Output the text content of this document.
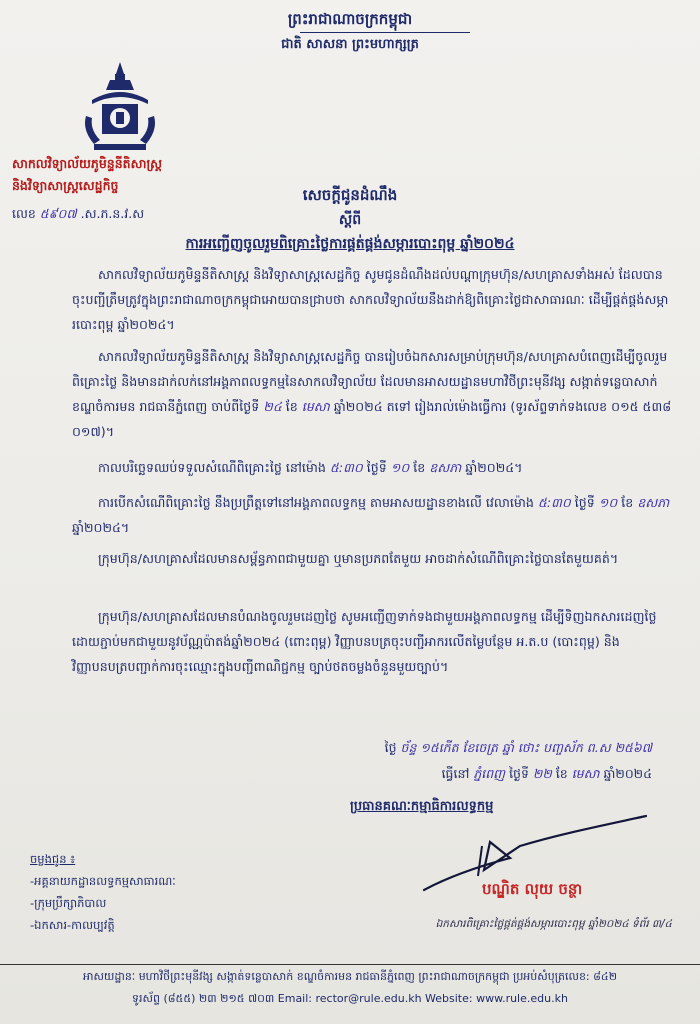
ព្រះរាជាណាចក្រកម្ពុជា
ជាតិ សាសនា ព្រះមហាក្សត្រ
សាកលវិទ្យាល័យភូមិន្ទនីតិសាស្ត្រ
និងវិទ្យាសាស្ត្រសេដ្ឋកិច្ច
លេខ ៥៩០៧ .ស.ភ.ន.វ.ស
សេចក្តីជូនដំណឹង
ស្តីពី
ការអញ្ជើញចូលរួមពិគ្រោះថ្លៃការផ្គត់ផ្គង់សម្ភារបោះពុម្ព ឆ្នាំ២០២៤
សាកលវិទ្យាល័យភូមិន្ទនីតិសាស្ត្រ និងវិទ្យាសាស្ត្រសេដ្ឋកិច្ច សូមជូនដំណឹងដល់បណ្តាក្រុមហ៊ុន/សហគ្រាសទាំងអស់ ដែលបានចុះបញ្ជីត្រឹមត្រូវក្នុងព្រះរាជាណាចក្រកម្ពុជាអោយបានជ្រាបថា សាកលវិទ្យាល័យនឹងដាក់ឱ្យពិគ្រោះថ្លៃជាសាធារណៈ ដើម្បីផ្គត់ផ្គង់សម្ភារបោះពុម្ព ឆ្នាំ២០២៤។
សាកលវិទ្យាល័យភូមិន្ទនីតិសាស្ត្រ និងវិទ្យាសាស្ត្រសេដ្ឋកិច្ច បានរៀបចំឯកសារសម្រាប់ក្រុមហ៊ុន/សហគ្រាសបំពេញដើម្បីចូលរួមពិគ្រោះថ្លៃ និងមានដាក់លក់នៅអង្គភាពលទ្ធកម្មនៃសាកលវិទ្យាល័យ ដែលមានអាសយដ្ឋានមហាវិថីព្រះមុនីវង្ស សង្កាត់ទន្លេបាសាក់ ខណ្ឌចំការមន រាជធានីភ្នំពេញ ចាប់ពីថ្ងៃទី ២៤ ខែ មេសា ឆ្នាំ២០២៤ តទៅ រៀងរាល់ម៉ោងធ្វើការ (ទូរស័ព្ទទាក់ទងលេខ ០១៥ ៥៣៨ ០១៧)។
កាលបរិច្ឆេទឈប់ទទួលសំណើពិគ្រោះថ្លៃ នៅម៉ោង ៥:៣០ ថ្ងៃទី ១០ ខែ ឧសភា ឆ្នាំ២០២៤។
ការបើកសំណើពិគ្រោះថ្លៃ នឹងប្រព្រឹត្តទៅនៅអង្គភាពលទ្ធកម្ម តាមអាសយដ្ឋានខាងលើ វេលាម៉ោង ៥:៣០ ថ្ងៃទី ១០ ខែ ឧសភា ឆ្នាំ២០២៤។
ក្រុមហ៊ុន/សហគ្រាសដែលមានសម្ព័ន្ធភាពជាមួយគ្នា ឬមានប្រភពតែមួយ អាចដាក់សំណើពិគ្រោះថ្លៃបានតែមួយគត់។
ក្រុមហ៊ុន/សហគ្រាសដែលមានបំណងចូលរួមដេញថ្លៃ សូមអញ្ជើញទាក់ទងជាមួយអង្គភាពលទ្ធកម្ម ដើម្បីទិញឯកសារដេញថ្លៃ ដោយភ្ជាប់មកជាមួយនូវប័ណ្ណប៉ាតង់ឆ្នាំ២០២៤ (ពោះពុម្ព) វិញ្ញាបនបត្រចុះបញ្ជីអាករលើតម្លៃបន្ថែម អ.ត.ប (បោះពុម្ព) និងវិញ្ញាបនបត្របញ្ជាក់ការចុះឈ្មោះក្នុងបញ្ជីពាណិជ្ជកម្ម ច្បាប់ថតចម្លងចំនួនមួយច្បាប់។
ថ្ងៃ ច័ន្ទ ១៥កើត ខែចេត្រ ឆ្នាំ ថោះ បញ្ចស័ក ព.ស ២៥៦៧
ធ្វើនៅ ភ្នំពេញ ថ្ងៃទី ២២ ខែ មេសា ឆ្នាំ២០២៤
ប្រធានគណៈកម្មាធិការលទ្ធកម្ម
បណ្ឌិត លុយ ចន្ថា
ចម្លងជូន ៖
-អគ្គនាយកដ្ឋានលទ្ធកម្មសាធារណៈ
-ក្រុមប្រឹក្សាភិបាល
-ឯកសារ-កាលប្បវត្តិ	ឯកសារពិគ្រោះថ្លៃផ្គត់ផ្គង់សម្ភារបោះពុម្ព ឆ្នាំ២០២៤ ទំព័រ ៣/៤
អាសយដ្ឋានៈ មហាវិថីព្រះមុនីវង្ស សង្កាត់ទន្លេបាសាក់ ខណ្ឌចំការមន រាជធានីភ្នំពេញ ព្រះរាជាណាចក្រកម្ពុជា ប្រអប់សំបុត្រលេខ: ៨៤២
ទូរស័ព្ទ (៨៥៥) ២៣ ២១៥ ៧០៣ Email: rector@rule.edu.kh Website: www.rule.edu.kh
